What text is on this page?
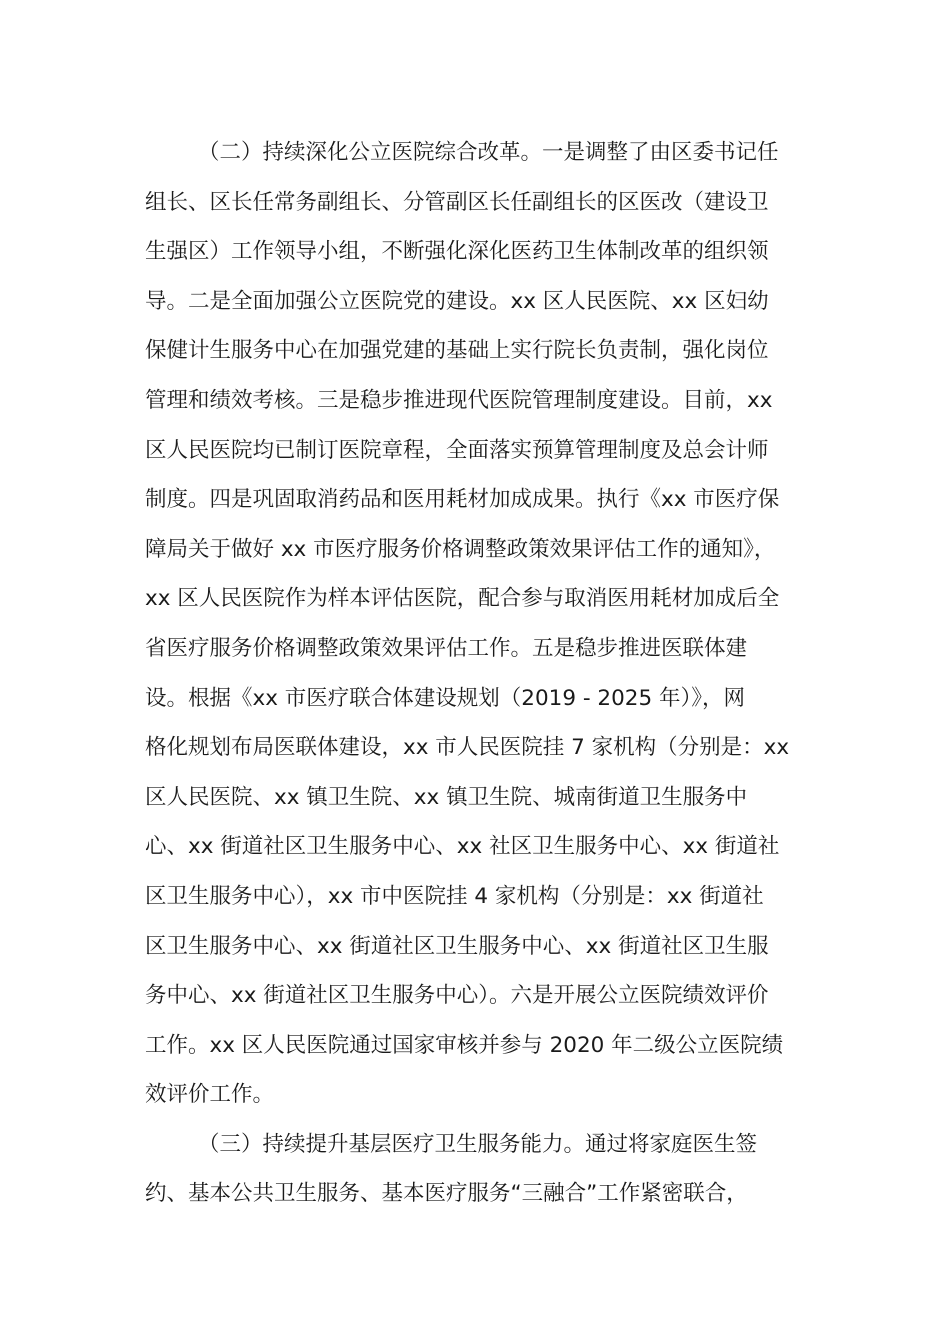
（二）持续深化公立医院综合改革。一是调整了由区委书记任
组长、区长任常务副组长、分管副区长任副组长的区医改（建设卫
生强区）工作领导小组，不断强化深化医药卫生体制改革的组织领
导。二是全面加强公立医院党的建设。xx 区人民医院、xx 区妇幼
保健计生服务中心在加强党建的基础上实行院长负责制，强化岗位
管理和绩效考核。三是稳步推进现代医院管理制度建设。目前，xx
区人民医院均已制订医院章程，全面落实预算管理制度及总会计师
制度。四是巩固取消药品和医用耗材加成成果。执行《xx 市医疗保
障局关于做好 xx 市医疗服务价格调整政策效果评估工作的通知》，
xx 区人民医院作为样本评估医院，配合参与取消医用耗材加成后全
省医疗服务价格调整政策效果评估工作。五是稳步推进医联体建
设。根据《xx 市医疗联合体建设规划（2019 - 2025 年）》，网
格化规划布局医联体建设，xx 市人民医院挂 7 家机构（分别是：xx
区人民医院、xx 镇卫生院、xx 镇卫生院、城南街道卫生服务中
心、xx 街道社区卫生服务中心、xx 社区卫生服务中心、xx 街道社
区卫生服务中心），xx 市中医院挂 4 家机构（分别是：xx 街道社
区卫生服务中心、xx 街道社区卫生服务中心、xx 街道社区卫生服
务中心、xx 街道社区卫生服务中心）。六是开展公立医院绩效评价
工作。xx 区人民医院通过国家审核并参与 2020 年二级公立医院绩
效评价工作。
（三）持续提升基层医疗卫生服务能力。通过将家庭医生签
约、基本公共卫生服务、基本医疗服务“三融合”工作紧密联合，
